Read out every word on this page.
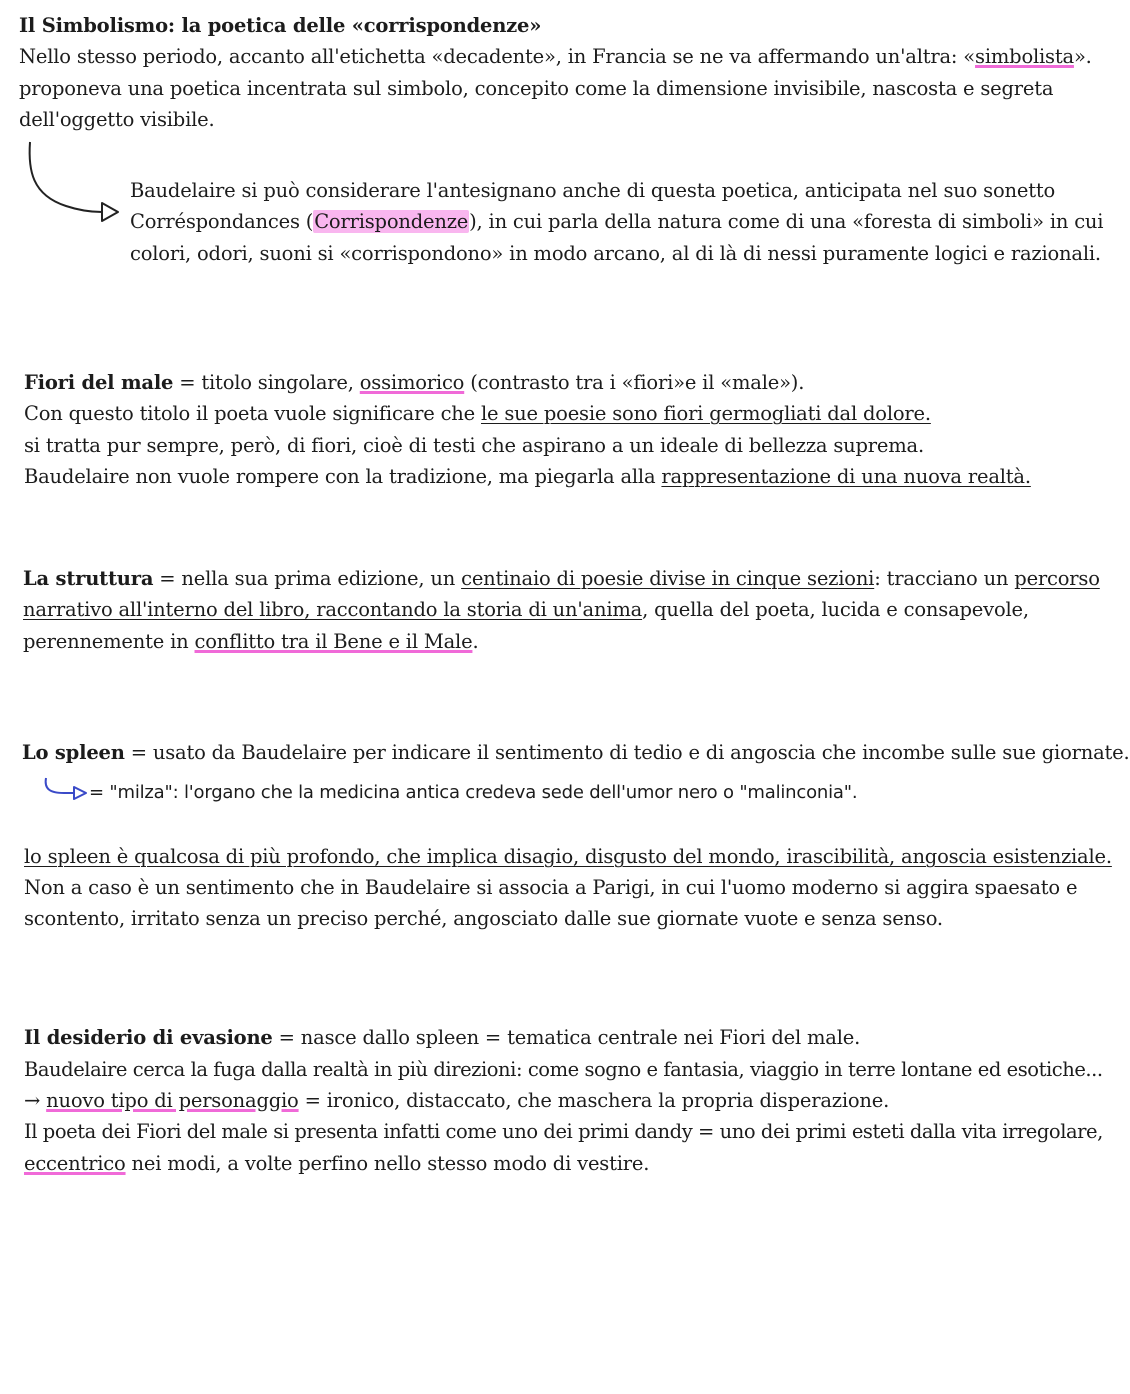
Il Simbolismo: la poetica delle «corrispondenze»
Nello stesso periodo, accanto all'etichetta «decadente», in Francia se ne va affermando un'altra: «simbolista».
proponeva una poetica incentrata sul simbolo, concepito come la dimensione invisibile, nascosta e segreta
dell'oggetto visibile.
Baudelaire si può considerare l'antesignano anche di questa poetica, anticipata nel suo sonetto
Corréspondances (Corrispondenze), in cui parla della natura come di una «foresta di simboli» in cui
colori, odori, suoni si «corrispondono» in modo arcano, al di là di nessi puramente logici e razionali.
Fiori del male = titolo singolare, ossimorico (contrasto tra i «fiori»e il «male»).
Con questo titolo il poeta vuole significare che le sue poesie sono fiori germogliati dal dolore.
si tratta pur sempre, però, di fiori, cioè di testi che aspirano a un ideale di bellezza suprema.
Baudelaire non vuole rompere con la tradizione, ma piegarla alla rappresentazione di una nuova realtà.
La struttura = nella sua prima edizione, un centinaio di poesie divise in cinque sezioni: tracciano un percorso
narrativo all'interno del libro, raccontando la storia di un'anima, quella del poeta, lucida e consapevole,
perennemente in conflitto tra il Bene e il Male.
Lo spleen = usato da Baudelaire per indicare il sentimento di tedio e di angoscia che incombe sulle sue giornate.
= "milza": l'organo che la medicina antica credeva sede dell'umor nero o "malinconia".
lo spleen è qualcosa di più profondo, che implica disagio, disgusto del mondo, irascibilità, angoscia esistenziale.
Non a caso è un sentimento che in Baudelaire si associa a Parigi, in cui l'uomo moderno si aggira spaesato e
scontento, irritato senza un preciso perché, angosciato dalle sue giornate vuote e senza senso.
Il desiderio di evasione = nasce dallo spleen = tematica centrale nei Fiori del male.
Baudelaire cerca la fuga dalla realtà in più direzioni: come sogno e fantasia, viaggio in terre lontane ed esotiche...
→ nuovo tipo di personaggio = ironico, distaccato, che maschera la propria disperazione.
Il poeta dei Fiori del male si presenta infatti come uno dei primi dandy = uno dei primi esteti dalla vita irregolare,
eccentrico nei modi, a volte perfino nello stesso modo di vestire.
